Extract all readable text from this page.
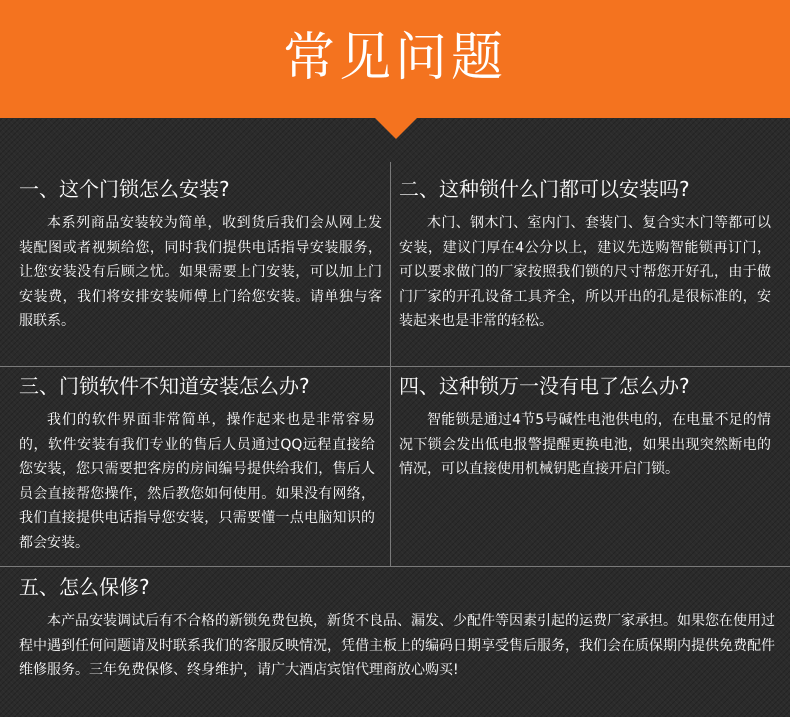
常见问题
一、这个门锁怎么安装?

本系列商品安装较为简单，收到货后我们会从网上发装配图或者视频给您，同时我们提供电话指导安装服务，让您安装没有后顾之忧。如果需要上门安装，可以加上门安装费，我们将安排安装师傅上门给您安装。请单独与客服联系。

二、这种锁什么门都可以安装吗?

木门、钢木门、室内门、套装门、复合实木门等都可以安装，建议门厚在4公分以上，建议先选购智能锁再订门，可以要求做门的厂家按照我们锁的尺寸帮您开好孔，由于做门厂家的开孔设备工具齐全，所以开出的孔是很标准的，安装起来也是非常的轻松。

三、门锁软件不知道安装怎么办?

我们的软件界面非常简单，操作起来也是非常容易的，软件安装有我们专业的售后人员通过QQ远程直接给您安装，您只需要把客房的房间编号提供给我们，售后人员会直接帮您操作，然后教您如何使用。如果没有网络，我们直接提供电话指导您安装，只需要懂一点电脑知识的都会安装。

四、这种锁万一没有电了怎么办?

智能锁是通过4节5号碱性电池供电的，在电量不足的情况下锁会发出低电报警提醒更换电池，如果出现突然断电的情况，可以直接使用机械钥匙直接开启门锁。

五、怎么保修?

本产品安装调试后有不合格的新锁免费包换，新货不良品、漏发、少配件等因素引起的运费厂家承担。如果您在使用过程中遇到任何问题请及时联系我们的客服反映情况，凭借主板上的编码日期享受售后服务，我们会在质保期内提供免费配件维修服务。三年免费保修、终身维护，请广大酒店宾馆代理商放心购买!
